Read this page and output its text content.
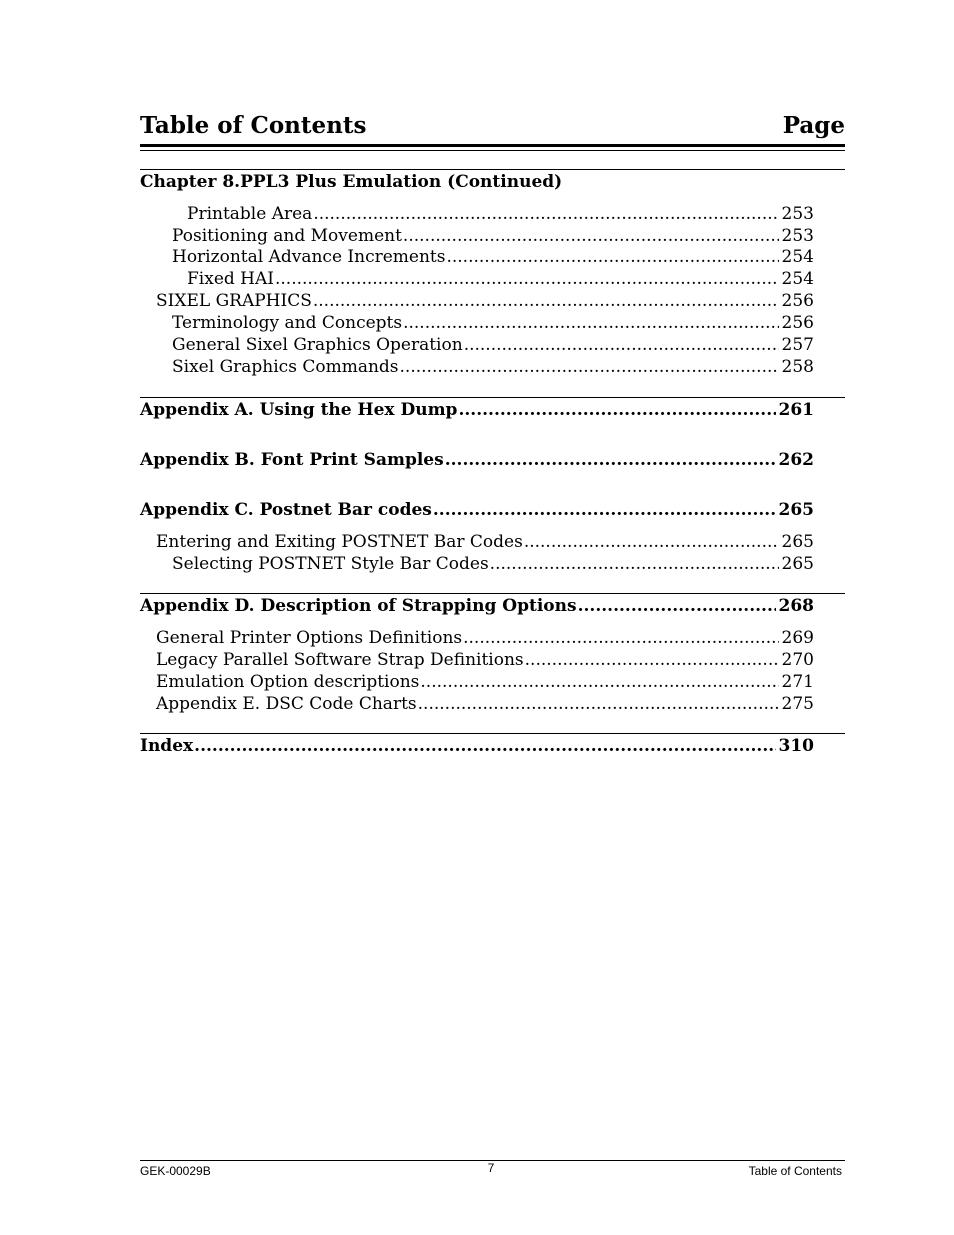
Table of Contents	Page
Chapter 8.PPL3 Plus Emulation (Continued)
Printable Area .....	253
Positioning and Movement .....	253
Horizontal Advance Increments .....	254
Fixed HAI .....	254
SIXEL GRAPHICS .....	256
Terminology and Concepts .....	256
General Sixel Graphics Operation .....	257
Sixel Graphics Commands .....	258
Appendix A. Using the Hex Dump .....	261
Appendix B. Font Print Samples .....	262
Appendix C. Postnet Bar codes .....	265
Entering and Exiting POSTNET Bar Codes .....	265
Selecting POSTNET Style Bar Codes .....	265
Appendix D. Description of Strapping Options .....	268
General Printer Options Definitions .....	269
Legacy Parallel Software Strap Definitions .....	270
Emulation Option descriptions .....	271
Appendix E. DSC Code Charts .....	275
Index .....	310
GEK-00029B	7	Table of Contents
